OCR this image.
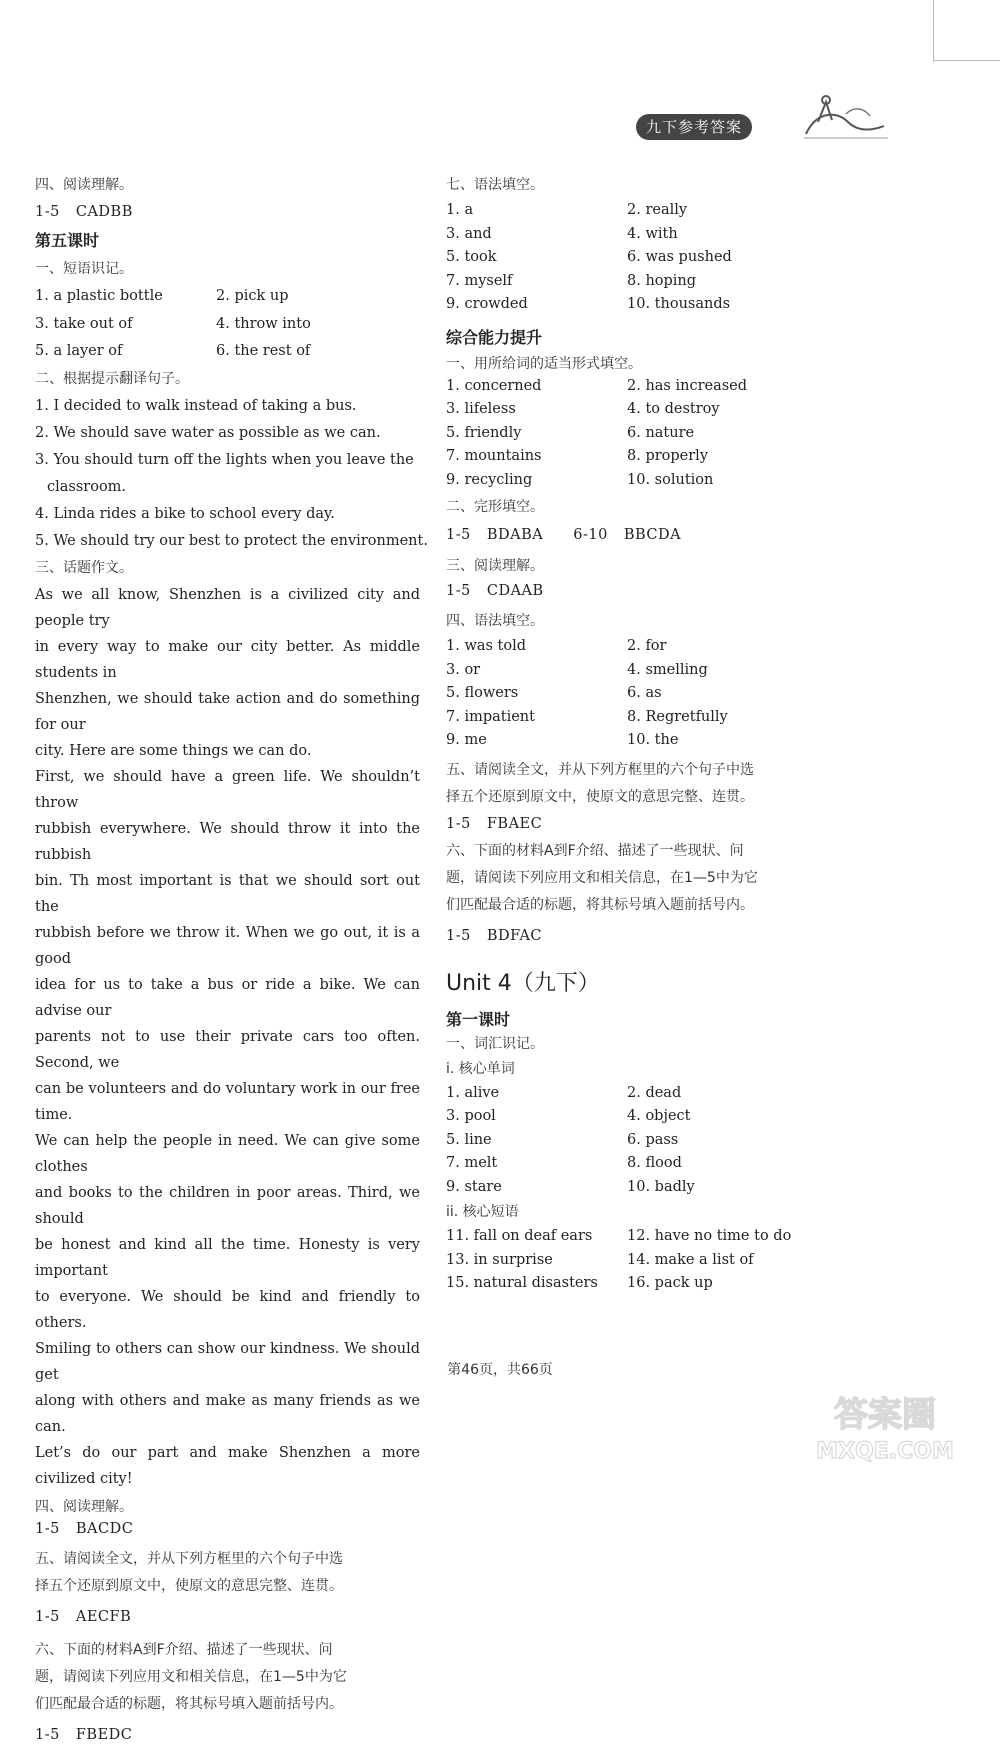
九下参考答案
四、阅读理解。
1-5 CADBB
第五课时
一、短语识记。
1. a plastic bottle	2. pick up
3. take out of	4. throw into
5. a layer of	6. the rest of
二、根据提示翻译句子。
1. I decided to walk instead of taking a bus.
2. We should save water as possible as we can.
3. You should turn off the lights when you leave the
classroom.
4. Linda rides a bike to school every day.
5. We should try our best to protect the environment.
三、话题作文。
As we all know, Shenzhen is a civilized city and people try
in every way to make our city better. As middle students in
Shenzhen, we should take action and do something for our
city. Here are some things we can do.
First, we should have a green life. We shouldn’t throw
rubbish everywhere. We should throw it into the rubbish
bin. Th most important is that we should sort out the
rubbish before we throw it. When we go out, it is a good
idea for us to take a bus or ride a bike. We can advise our
parents not to use their private cars too often. Second, we
can be volunteers and do voluntary work in our free time.
We can help the people in need. We can give some clothes
and books to the children in poor areas. Third, we should
be honest and kind all the time. Honesty is very important
to everyone. We should be kind and friendly to others.
Smiling to others can show our kindness. We should get
along with others and make as many friends as we can.
Let’s do our part and make Shenzhen a more civilized city!
四、阅读理解。
1-5 BACDC
五、请阅读全文，并从下列方框里的六个句子中选
择五个还原到原文中，使原文的意思完整、连贯。
1-5 AECFB
六、下面的材料A到F介绍、描述了一些现状、问
题，请阅读下列应用文和相关信息，在1—5中为它
们匹配最合适的标题，将其标号填入题前括号内。
1-5 FBEDC
七、语法填空。
1. a	2. really
3. and	4. with
5. took	6. was pushed
7. myself	8. hoping
9. crowded	10. thousands
综合能力提升
一、用所给词的适当形式填空。
1. concerned	2. has increased
3. lifeless	4. to destroy
5. friendly	6. nature
7. mountains	8. properly
9. recycling	10. solution
二、完形填空。
1-5 BDABA 6-10 BBCDA
三、阅读理解。
1-5 CDAAB
四、语法填空。
1. was told	2. for
3. or	4. smelling
5. flowers	6. as
7. impatient	8. Regretfully
9. me	10. the
五、请阅读全文，并从下列方框里的六个句子中选
择五个还原到原文中，使原文的意思完整、连贯。
1-5 FBAEC
六、下面的材料A到F介绍、描述了一些现状、问
题，请阅读下列应用文和相关信息，在1—5中为它
们匹配最合适的标题，将其标号填入题前括号内。
1-5 BDFAC
Unit 4（九下）
第一课时
一、词汇识记。
i. 核心单词
1. alive	2. dead
3. pool	4. object
5. line	6. pass
7. melt	8. flood
9. stare	10. badly
ii. 核心短语
11. fall on deaf ears	12. have no time to do
13. in surprise	14. make a list of
15. natural disasters	16. pack up
第46页，共66页
答案圈
MXQE.COM
